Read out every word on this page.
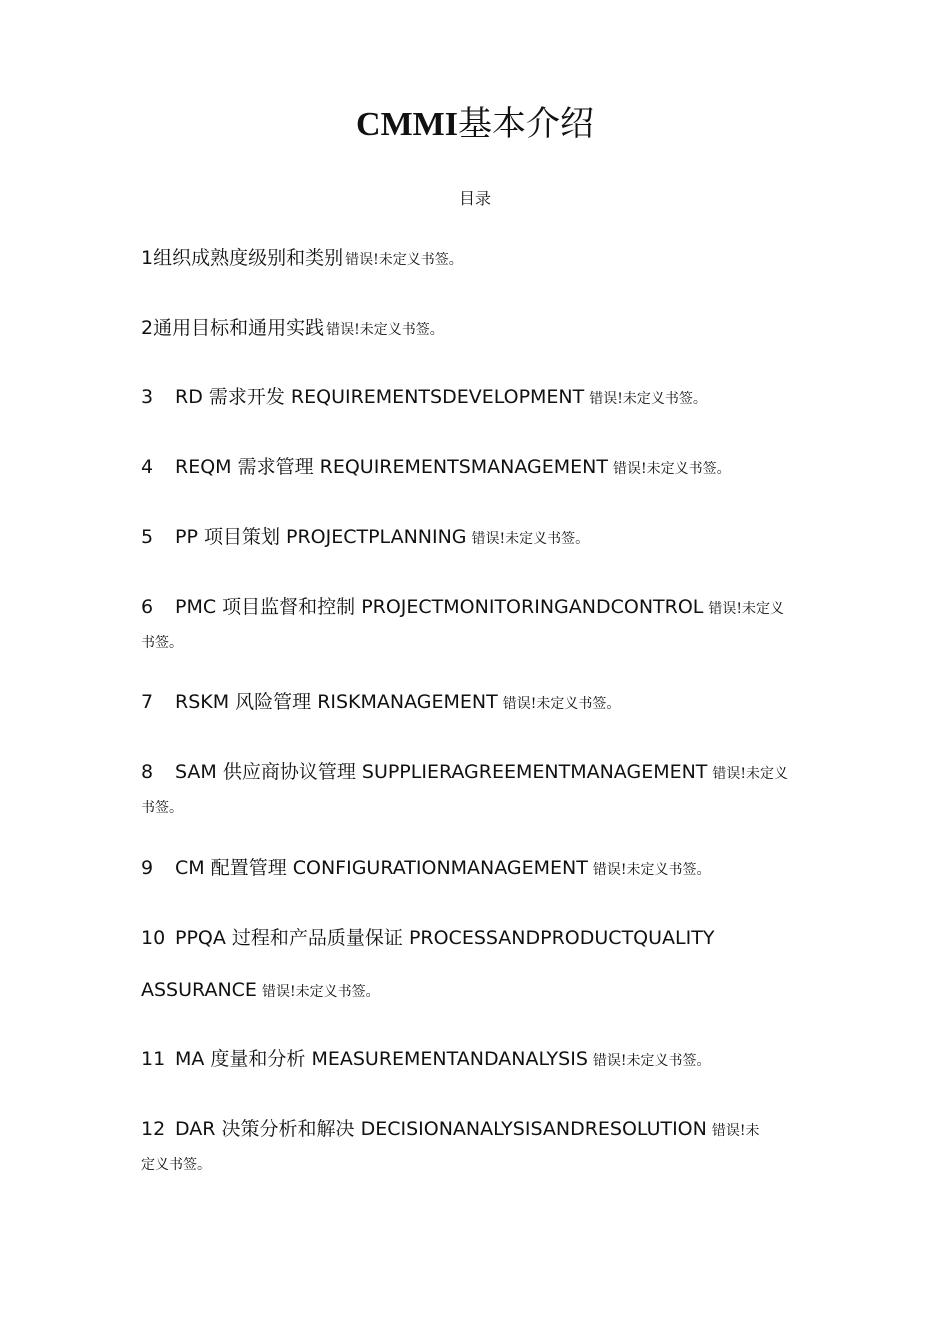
CMMI基本介绍
目录
1组织成熟度级别和类别 错误!未定义书签。
2通用目标和通用实践 错误!未定义书签。
3 RD 需求开发 REQUIREMENTSDEVELOPMENT 错误!未定义书签。
4 REQM 需求管理 REQUIREMENTSMANAGEMENT 错误!未定义书签。
5 PP 项目策划 PROJECTPLANNING 错误!未定义书签。
6 PMC 项目监督和控制 PROJECTMONITORINGANDCONTROL 错误!未定义
书签。
7 RSKM 风险管理 RISKMANAGEMENT 错误!未定义书签。
8 SAM 供应商协议管理 SUPPLIERAGREEMENTMANAGEMENT 错误!未定义
书签。
9 CM 配置管理 CONFIGURATIONMANAGEMENT 错误!未定义书签。
10 PPQA 过程和产品质量保证 PROCESSANDPRODUCTQUALITY
ASSURANCE 错误!未定义书签。
11 MA 度量和分析 MEASUREMENTANDANALYSIS 错误!未定义书签。
12 DAR 决策分析和解决 DECISIONANALYSISANDRESOLUTION 错误!未
定义书签。
